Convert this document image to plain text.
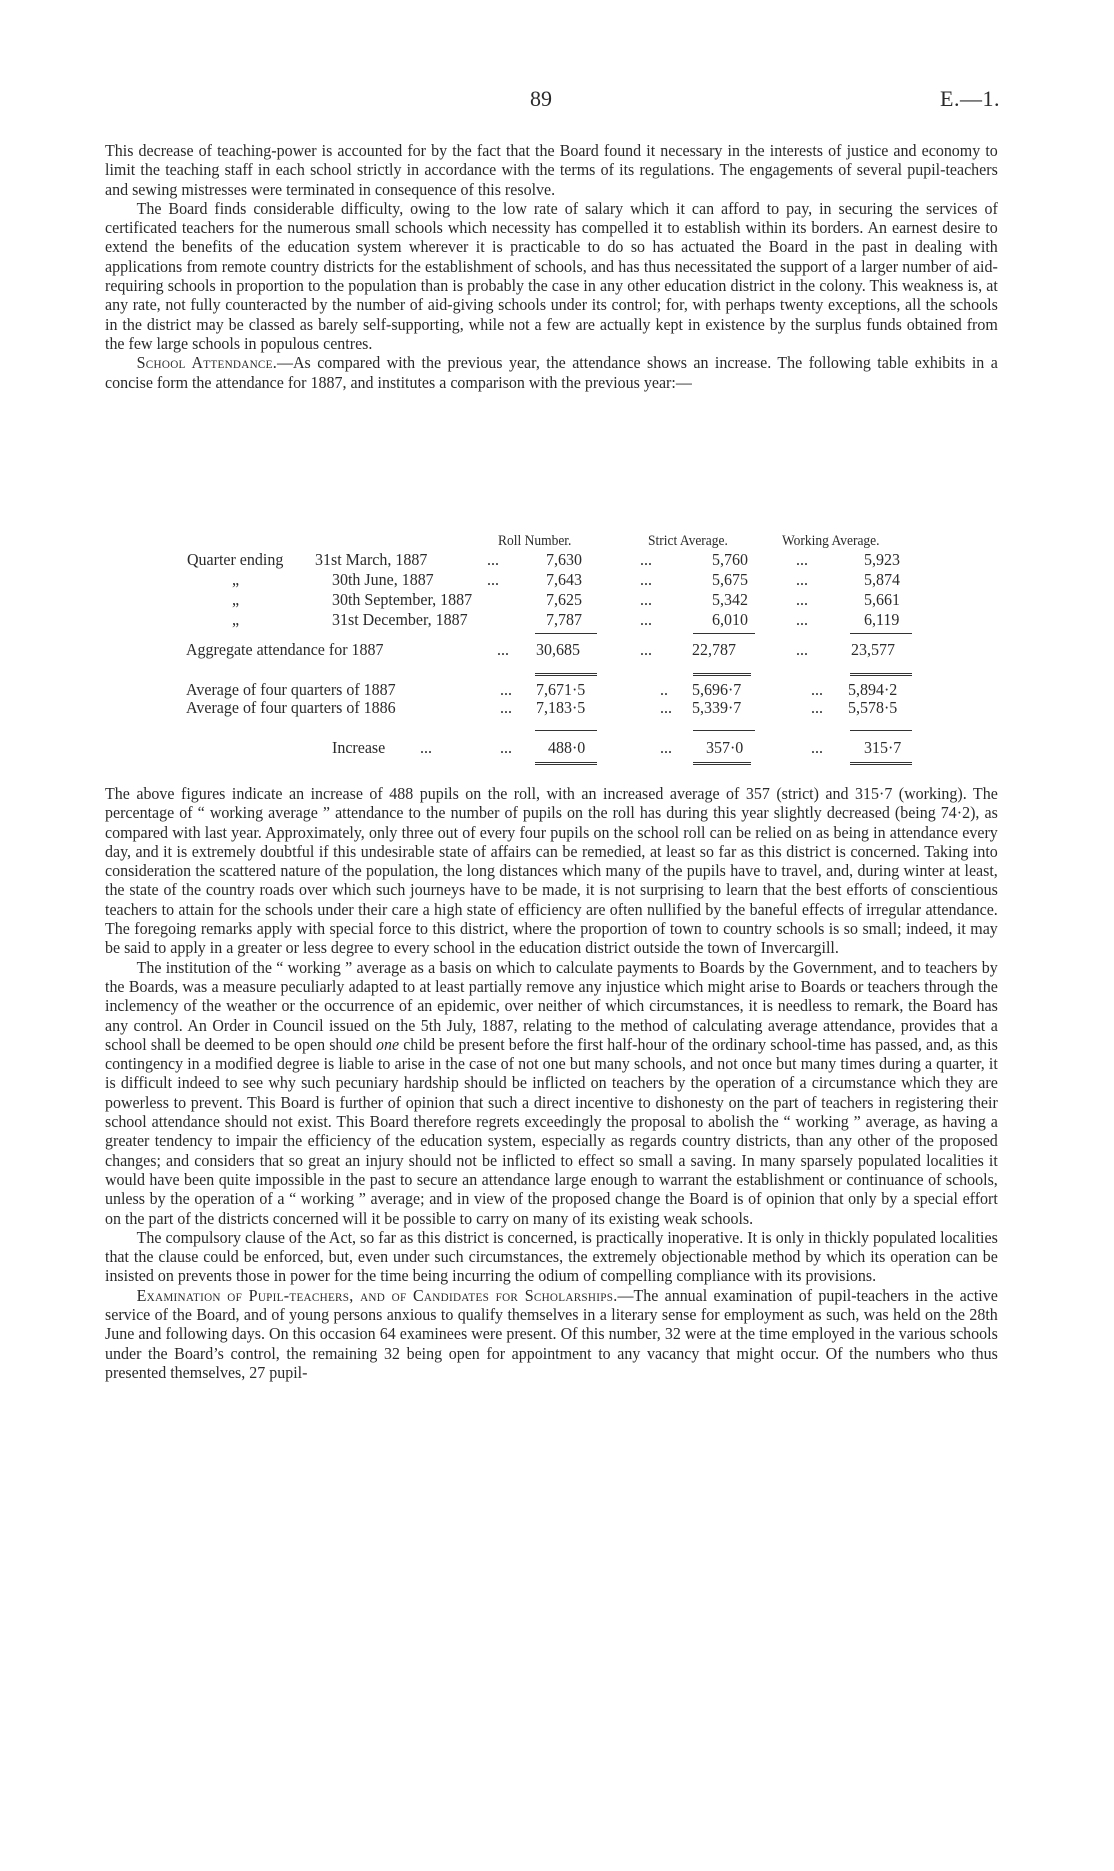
89	E.—1.

This decrease of teaching-power is accounted for by the fact that the Board found it necessary in the interests of justice and economy to limit the teaching staff in each school strictly in accordance with the terms of its regulations. The engagements of several pupil-teachers and sewing mistresses were terminated in consequence of this resolve.

The Board finds considerable difficulty, owing to the low rate of salary which it can afford to pay, in securing the services of certificated teachers for the numerous small schools which necessity has compelled it to establish within its borders. An earnest desire to extend the benefits of the education system wherever it is practicable to do so has actuated the Board in the past in dealing with applications from remote country districts for the establishment of schools, and has thus necessitated the support of a larger number of aid-requiring schools in proportion to the population than is probably the case in any other education district in the colony. This weakness is, at any rate, not fully counteracted by the number of aid-giving schools under its control; for, with perhaps twenty exceptions, all the schools in the district may be classed as barely self-supporting, while not a few are actually kept in existence by the surplus funds obtained from the few large schools in populous centres.

School Attendance.—As compared with the previous year, the attendance shows an increase. The following table exhibits in a concise form the attendance for 1887, and institutes a comparison with the previous year:—

Roll Number.	Strict Average.	Working Average.
Quarter ending 31st March, 1887	...	7,630	...	5,760	...	5,923
„	30th June, 1887	...	7,643	...	5,675	...	5,874
„	30th September, 1887	7,625	...	5,342	...	5,661
„	31st December, 1887	7,787	...	6,010	...	6,119
Aggregate attendance for 1887	... 30,685	... 22,787	...	23,577
Average of four quarters of 1887	... 7,671·5	.. 5,696·7	... 5,894·2
Average of four quarters of 1886	... 7,183·5	... 5,339·7	... 5,578·5
Increase ...	... 488·0	... 357·0	... 315·7

The above figures indicate an increase of 488 pupils on the roll, with an increased average of 357 (strict) and 315·7 (working). The percentage of “ working average ” attendance to the number of pupils on the roll has during this year slightly decreased (being 74·2), as compared with last year. Approximately, only three out of every four pupils on the school roll can be relied on as being in attendance every day, and it is extremely doubtful if this undesirable state of affairs can be remedied, at least so far as this district is concerned. Taking into consideration the scattered nature of the population, the long distances which many of the pupils have to travel, and, during winter at least, the state of the country roads over which such journeys have to be made, it is not surprising to learn that the best efforts of conscientious teachers to attain for the schools under their care a high state of efficiency are often nullified by the baneful effects of irregular attendance. The foregoing remarks apply with special force to this district, where the proportion of town to country schools is so small; indeed, it may be said to apply in a greater or less degree to every school in the education district outside the town of Invercargill.

The institution of the “ working ” average as a basis on which to calculate payments to Boards by the Government, and to teachers by the Boards, was a measure peculiarly adapted to at least partially remove any injustice which might arise to Boards or teachers through the inclemency of the weather or the occurrence of an epidemic, over neither of which circumstances, it is needless to remark, the Board has any control. An Order in Council issued on the 5th July, 1887, relating to the method of calculating average attendance, provides that a school shall be deemed to be open should one child be present before the first half-hour of the ordinary school-time has passed, and, as this contingency in a modified degree is liable to arise in the case of not one but many schools, and not once but many times during a quarter, it is difficult indeed to see why such pecuniary hardship should be inflicted on teachers by the operation of a circumstance which they are powerless to prevent. This Board is further of opinion that such a direct incentive to dishonesty on the part of teachers in registering their school attendance should not exist. This Board therefore regrets exceedingly the proposal to abolish the “ working ” average, as having a greater tendency to impair the efficiency of the education system, especially as regards country districts, than any other of the proposed changes; and considers that so great an injury should not be inflicted to effect so small a saving. In many sparsely populated localities it would have been quite impossible in the past to secure an attendance large enough to warrant the establishment or continuance of schools, unless by the operation of a “ working ” average; and in view of the proposed change the Board is of opinion that only by a special effort on the part of the districts concerned will it be possible to carry on many of its existing weak schools.

The compulsory clause of the Act, so far as this district is concerned, is practically inoperative. It is only in thickly populated localities that the clause could be enforced, but, even under such circumstances, the extremely objectionable method by which its operation can be insisted on prevents those in power for the time being incurring the odium of compelling compliance with its provisions.

Examination of Pupil-teachers, and of Candidates for Scholarships.—The annual examination of pupil-teachers in the active service of the Board, and of young persons anxious to qualify themselves in a literary sense for employment as such, was held on the 28th June and following days. On this occasion 64 examinees were present. Of this number, 32 were at the time employed in the various schools under the Board’s control, the remaining 32 being open for appointment to any vacancy that might occur. Of the numbers who thus presented themselves, 27 pupil-
